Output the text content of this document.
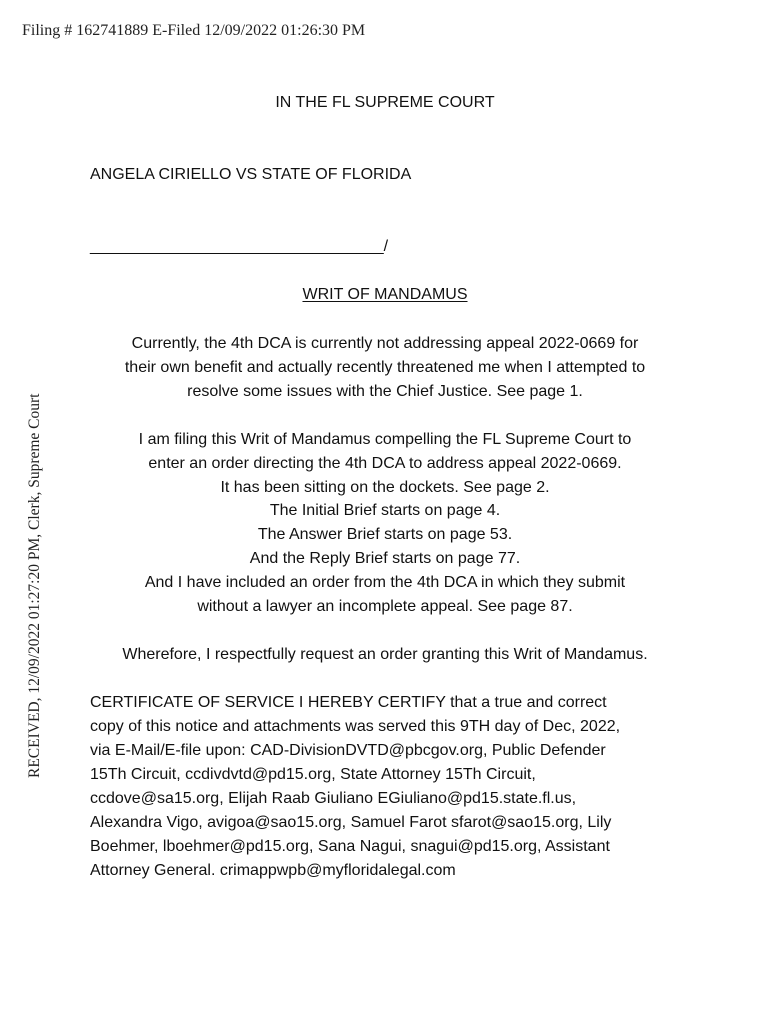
Filing # 162741889 E-Filed 12/09/2022 01:26:30 PM
RECEIVED, 12/09/2022 01:27:20 PM, Clerk, Supreme Court
IN THE FL SUPREME COURT
ANGELA CIRIELLO VS STATE OF FLORIDA
_________________________________/
WRIT OF MANDAMUS
Currently, the 4th DCA is currently not addressing appeal 2022-0669 for
their own benefit and actually recently threatened me when I attempted to
resolve some issues with the Chief Justice. See page 1.
I am filing this Writ of Mandamus compelling the FL Supreme Court to
enter an order directing the 4th DCA to address appeal 2022-0669.
It has been sitting on the dockets. See page 2.
The Initial Brief starts on page 4.
The Answer Brief starts on page 53.
And the Reply Brief starts on page 77.
And I have included an order from the 4th DCA in which they submit
without a lawyer an incomplete appeal. See page 87.
Wherefore, I respectfully request an order granting this Writ of Mandamus.
CERTIFICATE OF SERVICE I HEREBY CERTIFY that a true and correct
copy of this notice and attachments was served this 9TH day of Dec, 2022,
via E-Mail/E-file upon: CAD-DivisionDVTD@pbcgov.org, Public Defender
15Th Circuit, ccdivdvtd@pd15.org, State Attorney 15Th Circuit,
ccdove@sa15.org, Elijah Raab Giuliano EGiuliano@pd15.state.fl.us,
Alexandra Vigo, avigoa@sao15.org, Samuel Farot sfarot@sao15.org, Lily
Boehmer, lboehmer@pd15.org, Sana Nagui, snagui@pd15.org, Assistant
Attorney General. crimappwpb@myfloridalegal.com
